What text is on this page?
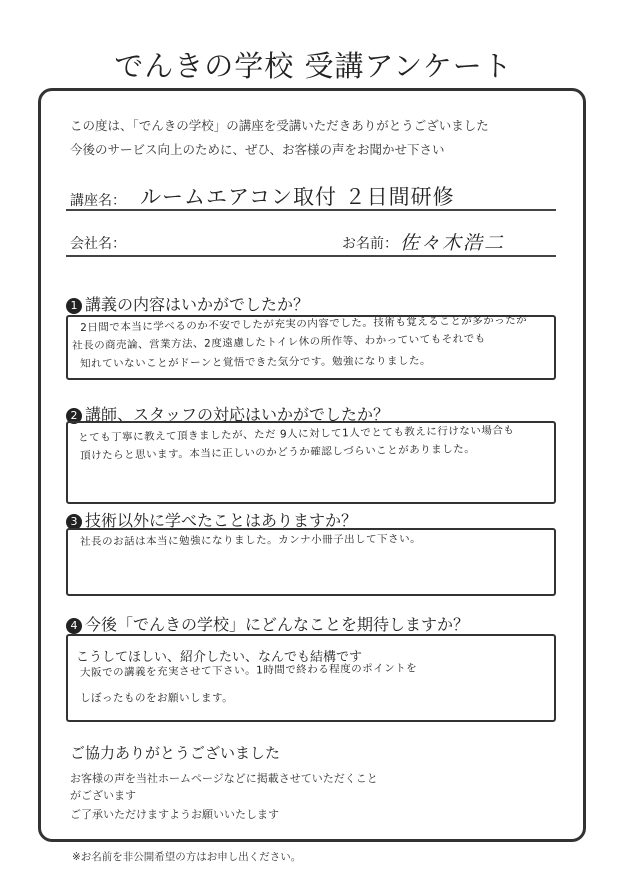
でんきの学校 受講アンケート
この度は、「でんきの学校」の講座を受講いただきありがとうございました
今後のサービス向上のために、ぜひ、お客様の声をお聞かせ下さい
講座名： ルームエアコン取付 ２日間研修
会社名：	お名前： 佐々木浩二
1 講義の内容はいかがでしたか？
2日間で本当に学べるのか不安でしたが充実の内容でした。技術も覚えることが多かったが
社長の商売論、営業方法、2度遠慮したトイレ休の所作等、わかっていてもそれでも
知れていないことがドーンと覚悟できた気分です。勉強になりました。
2 講師、スタッフの対応はいかがでしたか？
とても丁寧に教えて頂きましたが、ただ 9人に対して1人でとても教えに行けない場合も
頂けたらと思います。本当に正しいのかどうか確認しづらいことがありました。
3 技術以外に学べたことはありますか？
社長のお話は本当に勉強になりました。カンナ小冊子出して下さい。
4 今後「でんきの学校」にどんなことを期待しますか？
こうしてほしい、紹介したい、なんでも結構です
大阪での講義を充実させて下さい。1時間で終わる程度のポイントを
しぼったものをお願いします。
ご協力ありがとうございました
お客様の声を当社ホームページなどに掲載させていただくこと
がございます
ご了承いただけますようお願いいたします
※お名前を非公開希望の方はお申し出ください。
